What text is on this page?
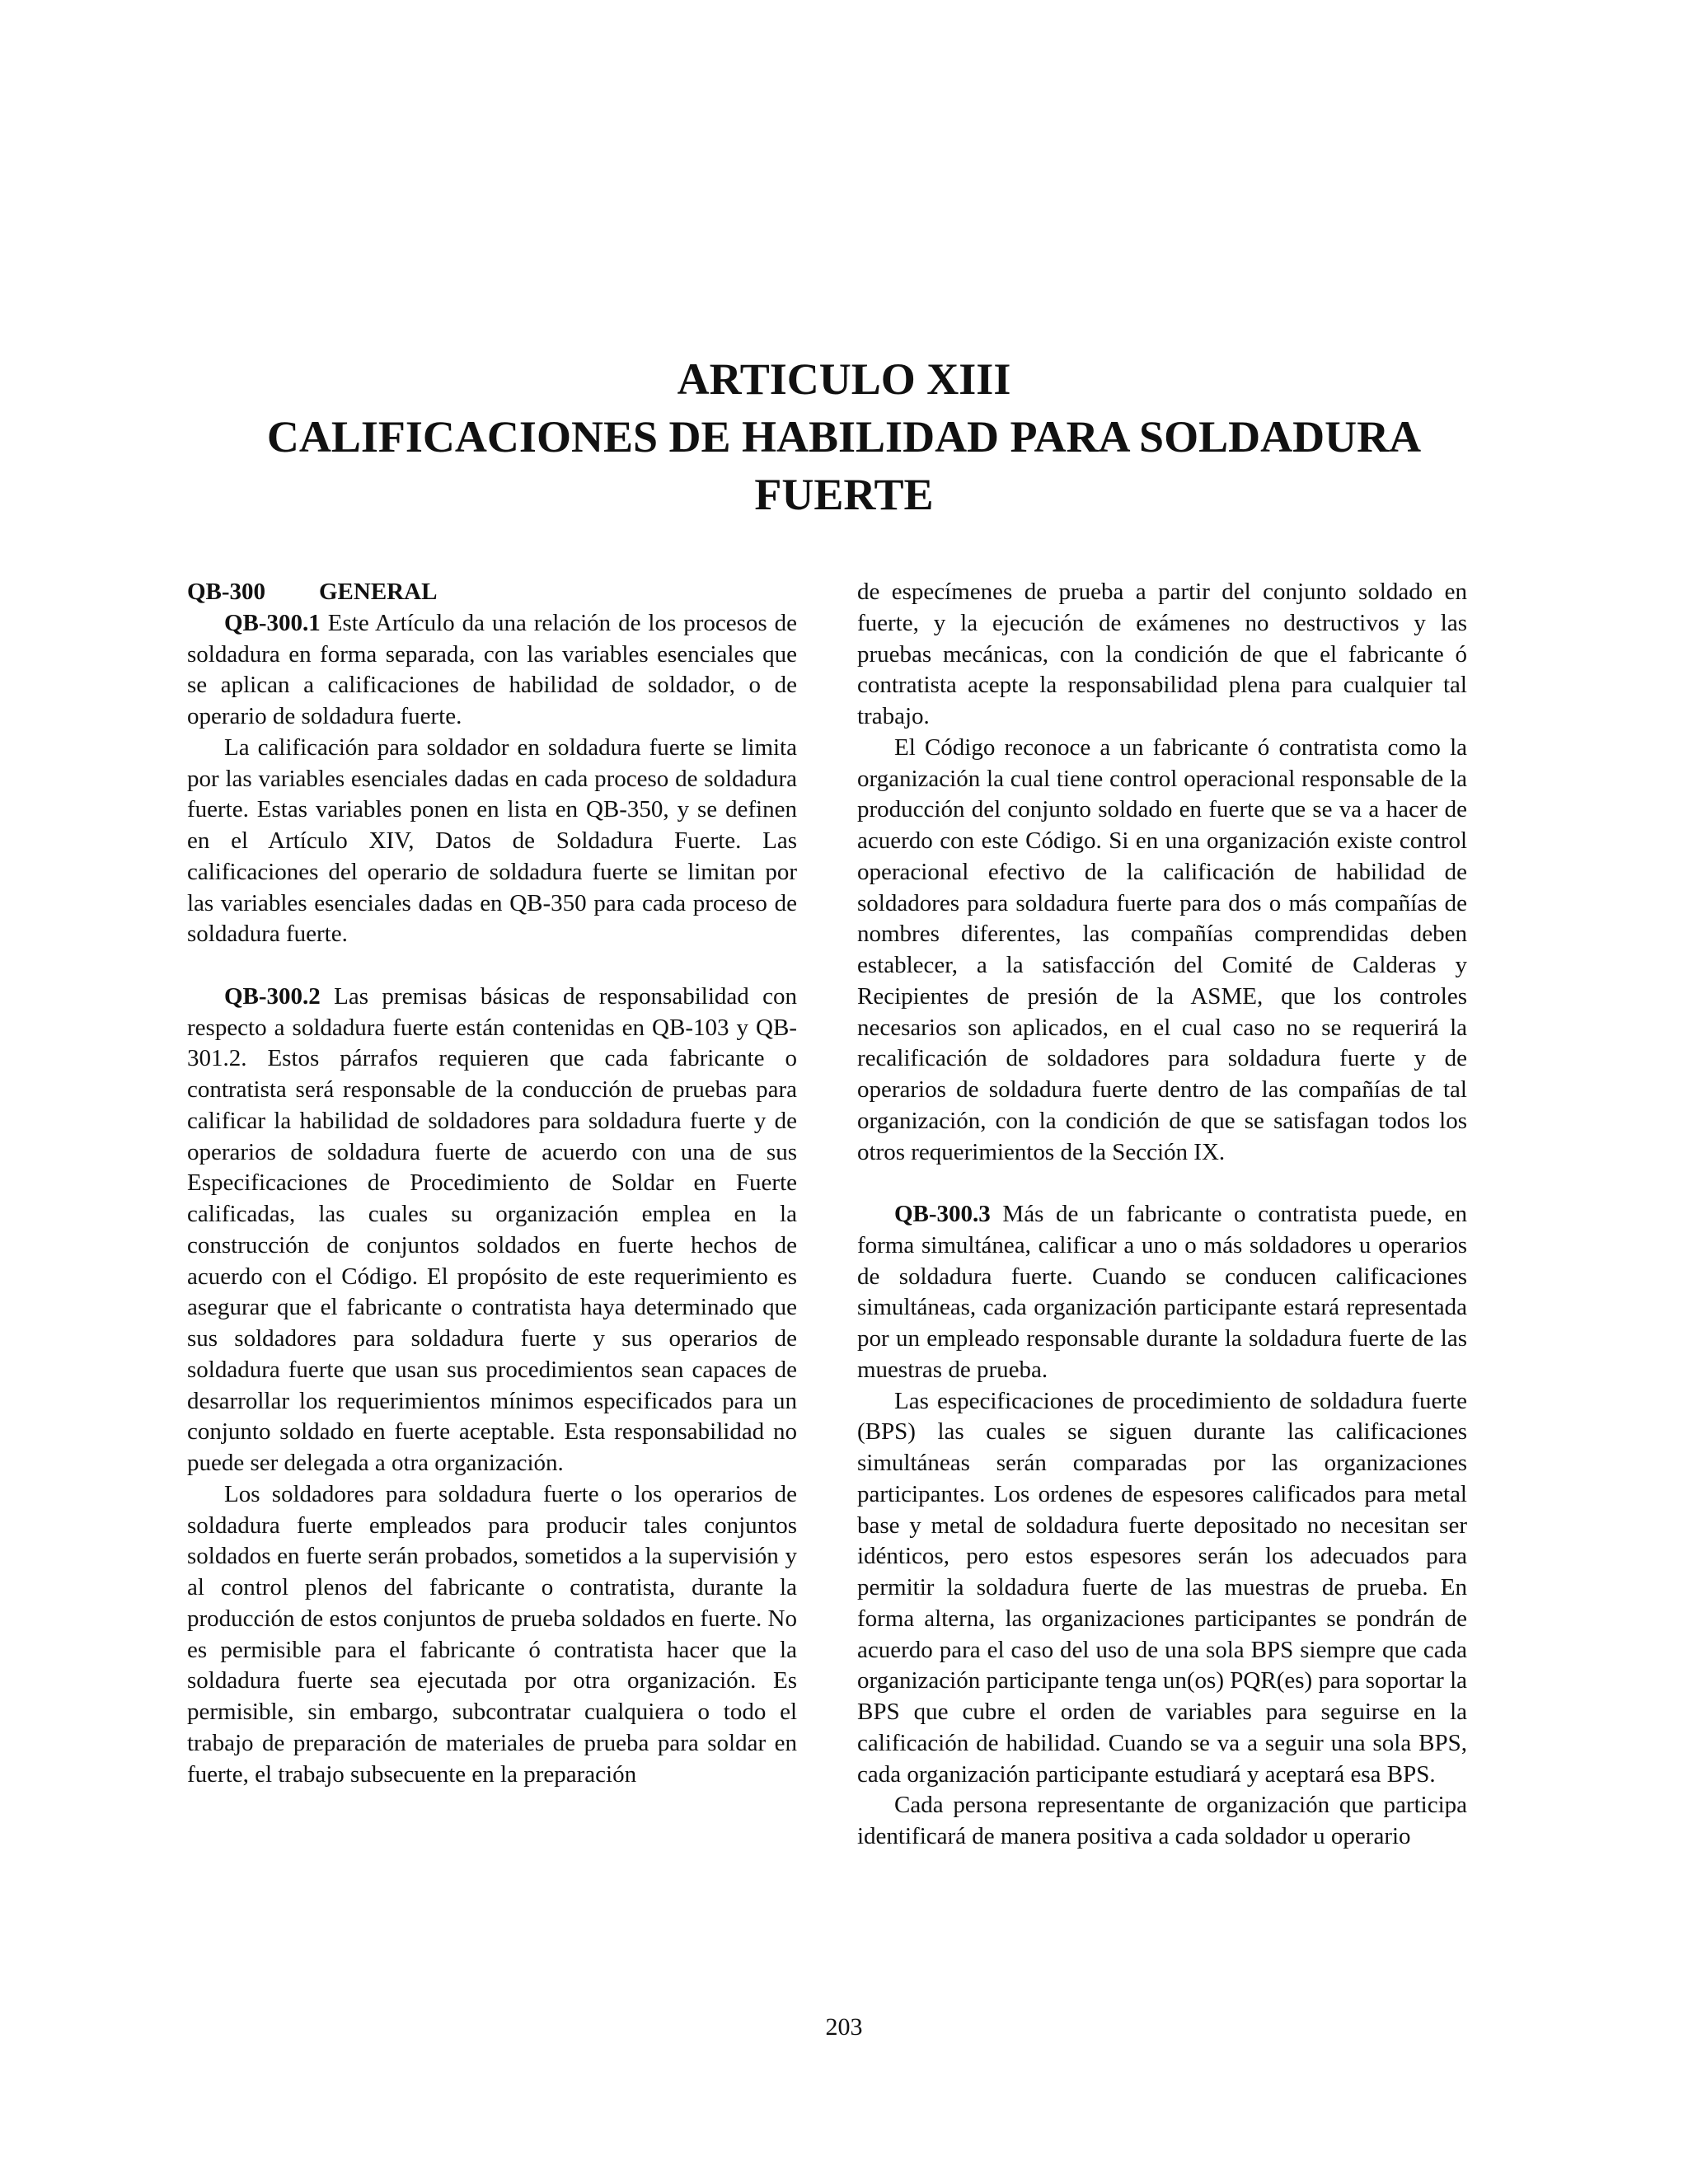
ARTICULO XIII
CALIFICACIONES DE HABILIDAD PARA SOLDADURA
FUERTE

QB-300 GENERAL

QB-300.1 Este Artículo da una relación de los procesos de soldadura en forma separada, con las variables esenciales que se aplican a calificaciones de habilidad de soldador, o de operario de soldadura fuerte.

La calificación para soldador en soldadura fuerte se limita por las variables esenciales dadas en cada proceso de soldadura fuerte. Estas variables ponen en lista en QB-350, y se definen en el Artículo XIV, Datos de Soldadura Fuerte. Las calificaciones del operario de soldadura fuerte se limitan por las variables esenciales dadas en QB-350 para cada proceso de soldadura fuerte.

QB-300.2 Las premisas básicas de responsabilidad con respecto a soldadura fuerte están contenidas en QB-103 y QB-301.2. Estos párrafos requieren que cada fabricante o contratista será responsable de la conducción de pruebas para calificar la habilidad de soldadores para soldadura fuerte y de operarios de soldadura fuerte de acuerdo con una de sus Especificaciones de Procedimiento de Soldar en Fuerte calificadas, las cuales su organización emplea en la construcción de conjuntos soldados en fuerte hechos de acuerdo con el Código. El propósito de este requerimiento es asegurar que el fabricante o contratista haya determinado que sus soldadores para soldadura fuerte y sus operarios de soldadura fuerte que usan sus procedimientos sean capaces de desarrollar los requerimientos mínimos especificados para un conjunto soldado en fuerte aceptable. Esta responsabilidad no puede ser delegada a otra organización.

Los soldadores para soldadura fuerte o los operarios de soldadura fuerte empleados para producir tales conjuntos soldados en fuerte serán probados, sometidos a la supervisión y al control plenos del fabricante o contratista, durante la producción de estos conjuntos de prueba soldados en fuerte. No es permisible para el fabricante ó contratista hacer que la soldadura fuerte sea ejecutada por otra organización. Es permisible, sin embargo, subcontratar cualquiera o todo el trabajo de preparación de materiales de prueba para soldar en fuerte, el trabajo subsecuente en la preparación

de especímenes de prueba a partir del conjunto soldado en fuerte, y la ejecución de exámenes no destructivos y las pruebas mecánicas, con la condición de que el fabricante ó contratista acepte la responsabilidad plena para cualquier tal trabajo.

El Código reconoce a un fabricante ó contratista como la organización la cual tiene control operacional responsable de la producción del conjunto soldado en fuerte que se va a hacer de acuerdo con este Código. Si en una organización existe control operacional efectivo de la calificación de habilidad de soldadores para soldadura fuerte para dos o más compañías de nombres diferentes, las compañías comprendidas deben establecer, a la satisfacción del Comité de Calderas y Recipientes de presión de la ASME, que los controles necesarios son aplicados, en el cual caso no se requerirá la recalificación de soldadores para soldadura fuerte y de operarios de soldadura fuerte dentro de las compañías de tal organización, con la condición de que se satisfagan todos los otros requerimientos de la Sección IX.

QB-300.3 Más de un fabricante o contratista puede, en forma simultánea, calificar a uno o más soldadores u operarios de soldadura fuerte. Cuando se conducen calificaciones simultáneas, cada organización participante estará representada por un empleado responsable durante la soldadura fuerte de las muestras de prueba.

Las especificaciones de procedimiento de soldadura fuerte (BPS) las cuales se siguen durante las calificaciones simultáneas serán comparadas por las organizaciones participantes. Los ordenes de espesores calificados para metal base y metal de soldadura fuerte depositado no necesitan ser idénticos, pero estos espesores serán los adecuados para permitir la soldadura fuerte de las muestras de prueba. En forma alterna, las organizaciones participantes se pondrán de acuerdo para el caso del uso de una sola BPS siempre que cada organización participante tenga un(os) PQR(es) para soportar la BPS que cubre el orden de variables para seguirse en la calificación de habilidad. Cuando se va a seguir una sola BPS, cada organización participante estudiará y aceptará esa BPS.

Cada persona representante de organización que participa identificará de manera positiva a cada soldador u operario

203
